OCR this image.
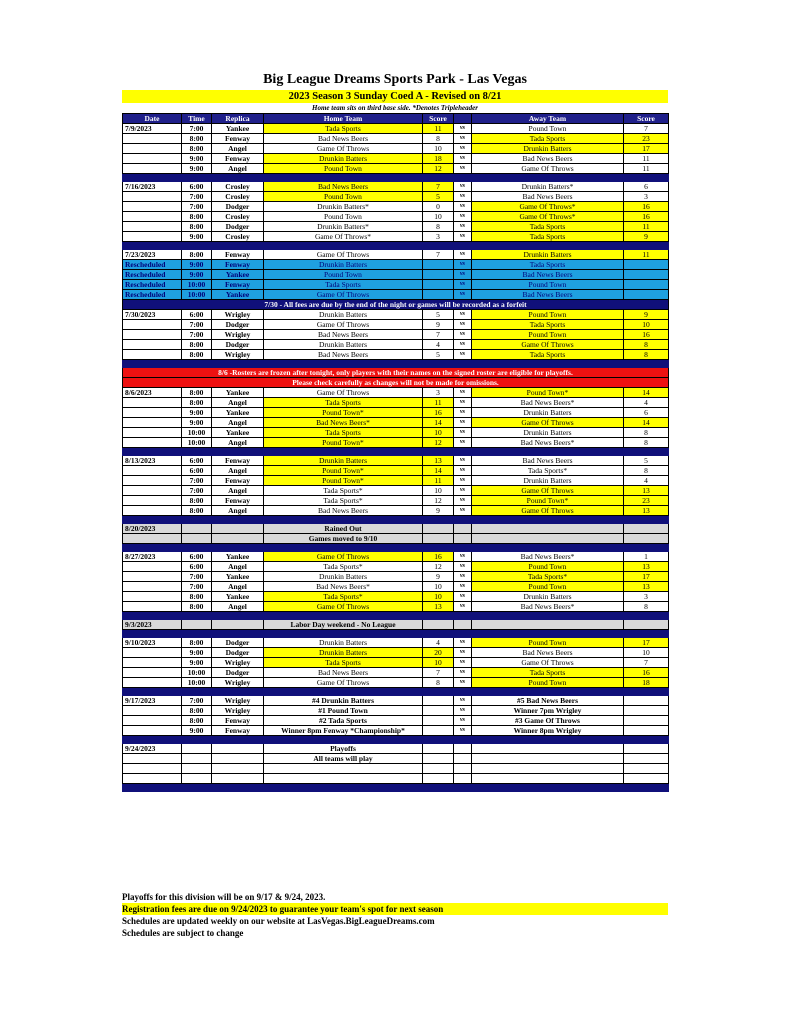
Big League Dreams Sports Park - Las Vegas
2023 Season 3 Sunday Coed A - Revised on 8/21
Home team sits on third base side. *Denotes Tripleheader
Date	Time	Replica	Home Team	Score		Away Team	Score
7/9/2023	7:00	Yankee	Tada Sports	11	vs	Pound Town	7
	8:00	Fenway	Bad News Beers	8	vs	Tada Sports	23
	8:00	Angel	Game Of Throws	10	vs	Drunkin Batters	17
	9:00	Fenway	Drunkin Batters	18	vs	Bad News Beers	11
	9:00	Angel	Pound Town	12	vs	Game Of Throws	11

7/16/2023	6:00	Crosley	Bad News Beers	7	vs	Drunkin Batters*	6
	7:00	Crosley	Pound Town	5	vs	Bad News Beers	3
	7:00	Dodger	Drunkin Batters*	0	vs	Game Of Throws*	16
	8:00	Crosley	Pound Town	10	vs	Game Of Throws*	16
	8:00	Dodger	Drunkin Batters*	8	vs	Tada Sports	11
	9:00	Crosley	Game Of Throws*	3	vs	Tada Sports	9

7/23/2023	8:00	Fenway	Game Of Throws	7	vs	Drunkin Batters	11
Rescheduled	9:00	Fenway	Drunkin Batters		vs	Tada Sports	
Rescheduled	9:00	Yankee	Pound Town		vs	Bad News Beers	
Rescheduled	10:00	Fenway	Tada Sports		vs	Pound Town	
Rescheduled	10:00	Yankee	Game Of Throws		vs	Bad News Beers	
7/30 - All fees are due by the end of the night or games will be recorded as a forfeit							
7/30/2023	6:00	Wrigley	Drunkin Batters	5	vs	Pound Town	9
	7:00	Dodger	Game Of Throws	9	vs	Tada Sports	10
	7:00	Wrigley	Bad News Beers	7	vs	Pound Town	16
	8:00	Dodger	Drunkin Batters	4	vs	Game Of Throws	8
	8:00	Wrigley	Bad News Beers	5	vs	Tada Sports	8

8/6 -Rosters are frozen after tonight, only players with their names on the signed roster are eligible for playoffs.							
Please check carefully as changes will not be made for omissions.							
8/6/2023	8:00	Yankee	Game Of Throws	3	vs	Pound Town*	14
	8:00	Angel	Tada Sports	11	vs	Bad News Beers*	4
	9:00	Yankee	Pound Town*	16	vs	Drunkin Batters	6
	9:00	Angel	Bad News Beers*	14	vs	Game Of Throws	14
	10:00	Yankee	Tada Sports	10	vs	Drunkin Batters	8
	10:00	Angel	Pound Town*	12	vs	Bad News Beers*	8

8/13/2023	6:00	Fenway	Drunkin Batters	13	vs	Bad News Beers	5
	6:00	Angel	Pound Town*	14	vs	Tada Sports*	8
	7:00	Fenway	Pound Town*	11	vs	Drunkin Batters	4
	7:00	Angel	Tada Sports*	10	vs	Game Of Throws	13
	8:00	Fenway	Tada Sports*	12	vs	Pound Town*	23
	8:00	Angel	Bad News Beers	9	vs	Game Of Throws	13

8/20/2023			Rained Out				
			Games moved to 9/10				

8/27/2023	6:00	Yankee	Game Of Throws	16	vs	Bad News Beers*	1
	6:00	Angel	Tada Sports*	12	vs	Pound Town	13
	7:00	Yankee	Drunkin Batters	9	vs	Tada Sports*	17
	7:00	Angel	Bad News Beers*	10	vs	Pound Town	13
	8:00	Yankee	Tada Sports*	10	vs	Drunkin Batters	3
	8:00	Angel	Game Of Throws	13	vs	Bad News Beers*	8

9/3/2023			Labor Day weekend - No League				

9/10/2023	8:00	Dodger	Drunkin Batters	4	vs	Pound Town	17
	9:00	Dodger	Drunkin Batters	20	vs	Bad News Beers	10
	9:00	Wrigley	Tada Sports	10	vs	Game Of Throws	7
	10:00	Dodger	Bad News Beers	7	vs	Tada Sports	16
	10:00	Wrigley	Game Of Throws	8	vs	Pound Town	18

9/17/2023	7:00	Wrigley	#4 Drunkin Batters		vs	#5 Bad News Beers	
	8:00	Wrigley	#1 Pound Town		vs	Winner 7pm Wrigley	
	8:00	Fenway	#2 Tada Sports		vs	#3 Game Of Throws	
	9:00	Fenway	Winner 8pm Fenway *Championship*		vs	Winner 8pm Wrigley	

9/24/2023			Playoffs				
			All teams will play				

Playoffs for this division will be on 9/17 & 9/24, 2023.
Registration fees are due on 9/24/2023 to guarantee your team's spot for next season
Schedules are updated weekly on our website at LasVegas.BigLeagueDreams.com
Schedules are subject to change
